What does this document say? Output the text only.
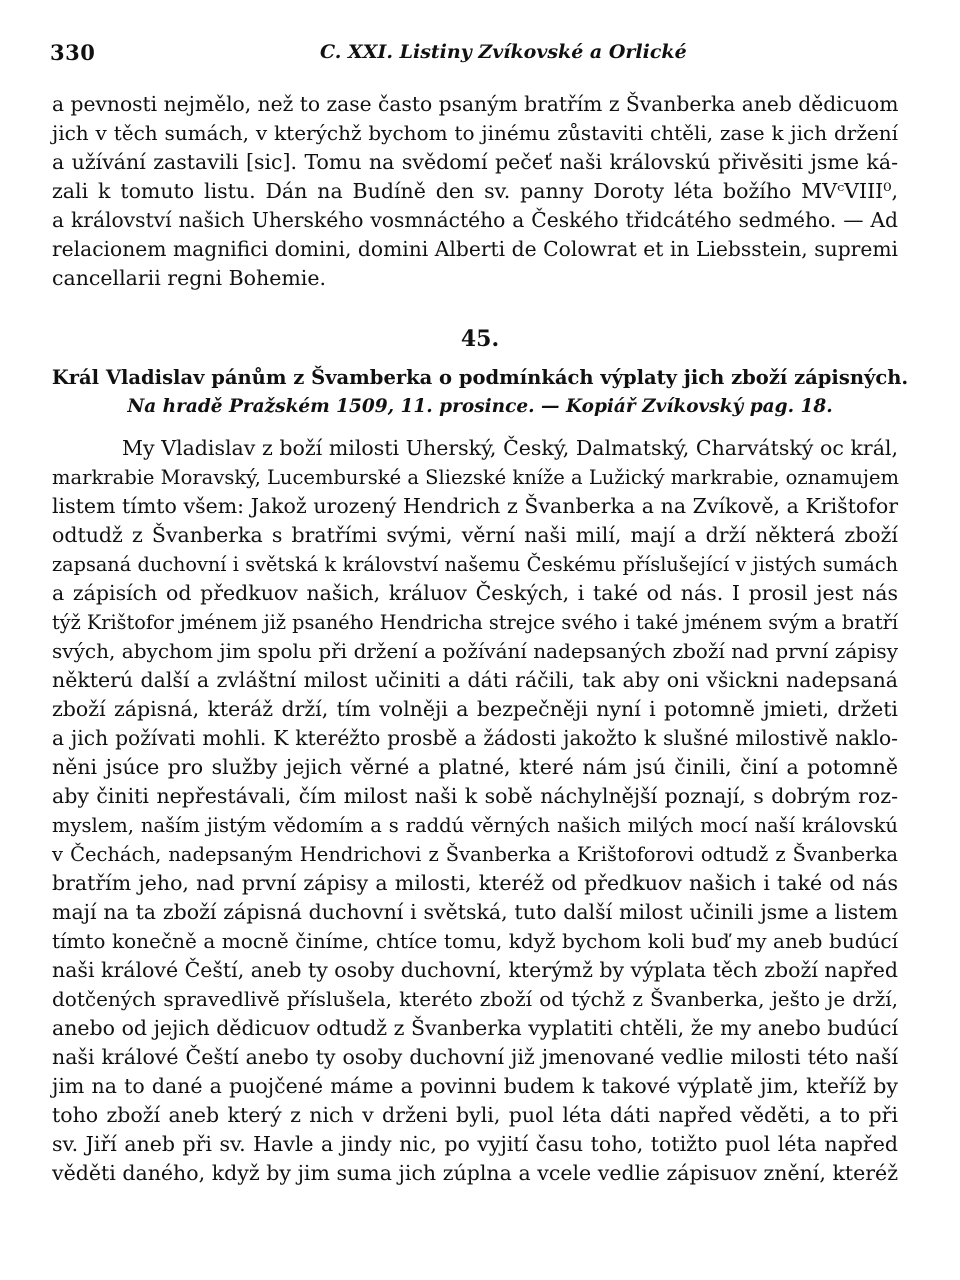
330	C. XXI. Listiny Zvíkovské a Orlické
a pevnosti nejmělo, než to zase často psaným bratřím z Švanberka aneb dědicuom
jich v těch sumách, v kterýchž bychom to jinému zůstaviti chtěli, zase k jich držení
a užívání zastavili [sic]. Tomu na svědomí pečeť naši královskú přivěsiti jsme ká-
zali k tomuto listu. Dán na Budíně den sv. panny Doroty léta božího MVᶜVIII⁰,
a království našich Uherského vosmnáctého a Českého třidcátého sedmého. — Ad
relacionem magnifici domini, domini Alberti de Colowrat et in Liebsstein, supremi
cancellarii regni Bohemie.
45.
Král Vladislav pánům z Švamberka o podmínkách výplaty jich zboží zápisných.
Na hradě Pražském 1509, 11. prosince. — Kopiář Zvíkovský pag. 18.
My Vladislav z boží milosti Uherský, Český, Dalmatský, Charvátský oc král,
markrabie Moravský, Lucemburské a Sliezské kníže a Lužický markrabie, oznamujem
listem tímto všem: Jakož urozený Hendrich z Švanberka a na Zvíkově, a Krištofor
odtudž z Švanberka s bratřími svými, věrní naši milí, mají a drží některá zboží
zapsaná duchovní i světská k království našemu Českému příslušející v jistých sumách
a zápisích od předkuov našich, králuov Českých, i také od nás. I prosil jest nás
týž Krištofor jménem již psaného Hendricha strejce svého i také jménem svým a bratří
svých, abychom jim spolu při držení a požívání nadepsaných zboží nad první zápisy
některú další a zvláštní milost učiniti a dáti ráčili, tak aby oni všickni nadepsaná
zboží zápisná, kteráž drží, tím volněji a bezpečněji nyní i potomně jmieti, držeti
a jich požívati mohli. K kteréžto prosbě a žádosti jakožto k slušné milostivě naklo-
něni jsúce pro služby jejich věrné a platné, které nám jsú činili, činí a potomně
aby činiti nepřestávali, čím milost naši k sobě náchylnější poznají, s dobrým roz-
myslem, naším jistým vědomím a s raddú věrných našich milých mocí naší královskú
v Čechách, nadepsaným Hendrichovi z Švanberka a Krištoforovi odtudž z Švanberka
bratřím jeho, nad první zápisy a milosti, kteréž od předkuov našich i také od nás
mají na ta zboží zápisná duchovní i světská, tuto další milost učinili jsme a listem
tímto konečně a mocně činíme, chtíce tomu, když bychom koli buď my aneb budúcí
naši králové Čeští, aneb ty osoby duchovní, kterýmž by výplata těch zboží napřed
dotčených spravedlivě příslušela, kteréto zboží od týchž z Švanberka, ješto je drží,
anebo od jejich dědicuov odtudž z Švanberka vyplatiti chtěli, že my anebo budúcí
naši králové Čeští anebo ty osoby duchovní již jmenované vedlie milosti této naší
jim na to dané a puojčené máme a povinni budem k takové výplatě jim, kteříž by
toho zboží aneb který z nich v drženi byli, puol léta dáti napřed věděti, a to při
sv. Jiří aneb při sv. Havle a jindy nic, po vyjití času toho, totižto puol léta napřed
věděti daného, když by jim suma jich zúplna a vcele vedlie zápisuov znění, kteréž
